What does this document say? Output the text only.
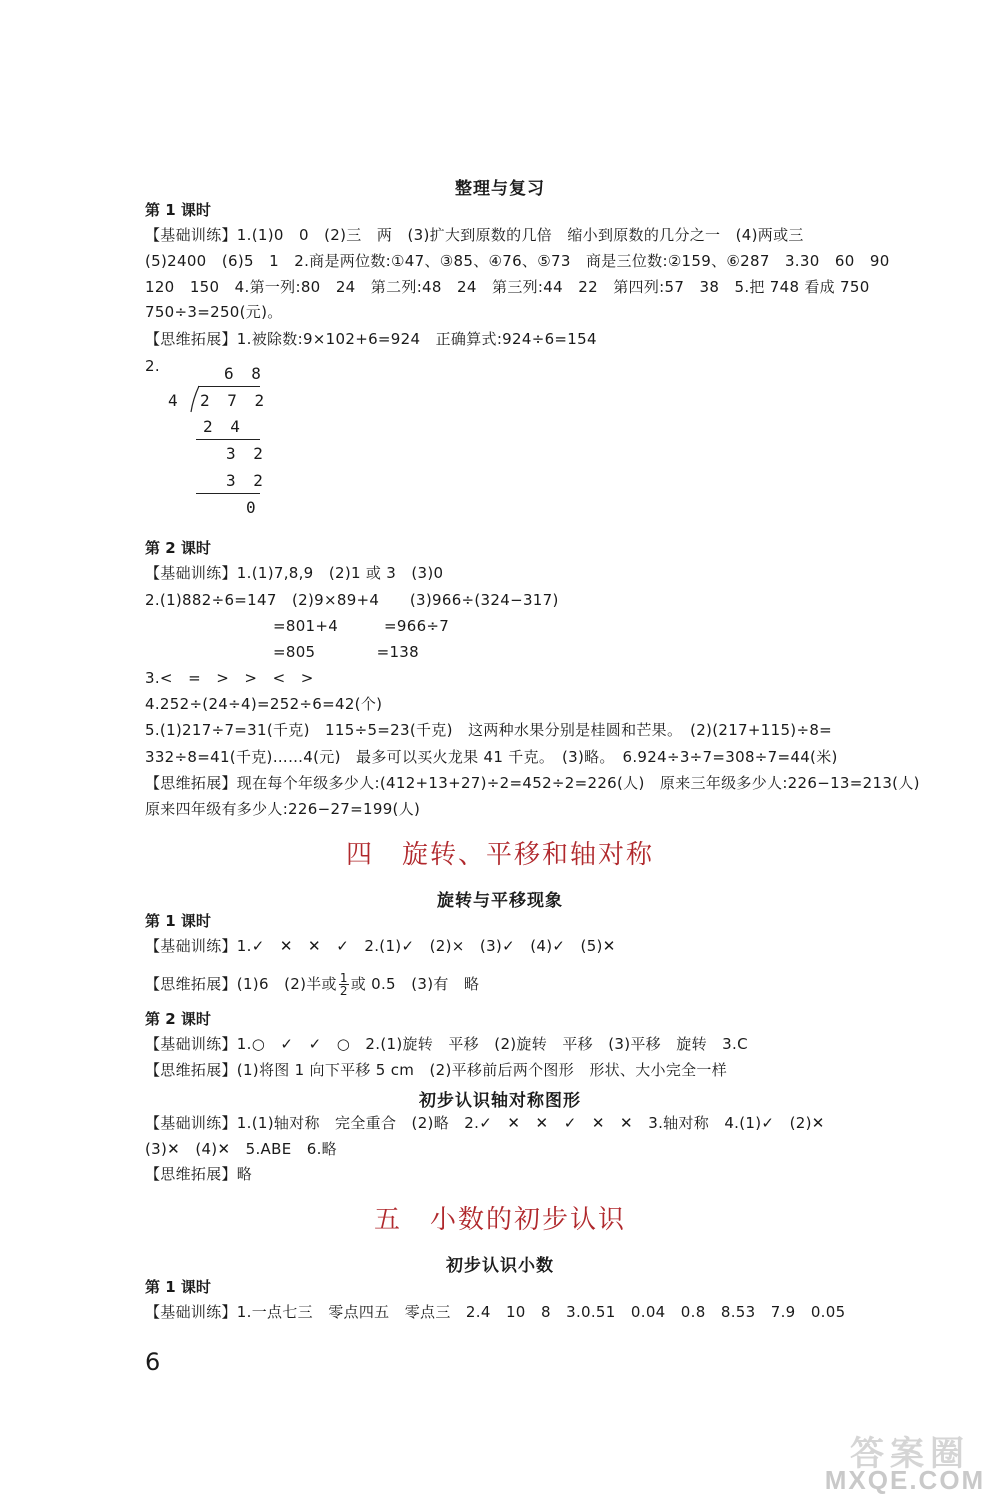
整理与复习
第 1 课时
【基础训练】1.(1)0　0　(2)三　两　(3)扩大到原数的几倍　缩小到原数的几分之一　(4)两或三
(5)2400　(6)5　1　2.商是两位数:①47、③85、④76、⑤73　商是三位数:②159、⑥287　3.30　60　90
120　150　4.第一列:80　24　第二列:48　24　第三列:44　22　第四列:57　38　5.把 748 看成 750
750÷3=250(元)。
【思维拓展】1.被除数:9×102+6=924　正确算式:924÷6=154
2.	6 8
4 2 7 2
2 4
3 2
3 2
0
第 2 课时
【基础训练】1.(1)7,8,9　(2)1 或 3　(3)0
2.(1)882÷6=147　(2)9×89+4　　(3)966÷(324−317)
=801+4　　　=966÷7
=805　　　　=138
3.<　=　>　>　<　>
4.252÷(24÷4)=252÷6=42(个)
5.(1)217÷7=31(千克)　115÷5=23(千克)　这两种水果分别是桂圆和芒果。　(2)(217+115)÷8=
332÷8=41(千克)……4(元)　最多可以买火龙果 41 千克。　(3)略。　6.924÷3÷7=308÷7=44(米)
【思维拓展】现在每个年级多少人:(412+13+27)÷2=452÷2=226(人)　原来三年级多少人:226−13=213(人)
原来四年级有多少人:226−27=199(人)
四　旋转、平移和轴对称
旋转与平移现象
第 1 课时
【基础训练】1.✓　✕　✕　✓　2.(1)✓　(2)×　(3)✓　(4)✓　(5)✕
【思维拓展】(1)6　(2)半或 $\frac{1}{2}$ 或 0.5　(3)有　略
第 2 课时
【基础训练】1.○　✓　✓　○　2.(1)旋转　平移　(2)旋转　平移　(3)平移　旋转　3.C
【思维拓展】(1)将图 1 向下平移 5 cm　(2)平移前后两个图形　形状、大小完全一样
初步认识轴对称图形
【基础训练】1.(1)轴对称　完全重合　(2)略　2.✓　✕　✕　✓　✕　✕　3.轴对称　4.(1)✓　(2)✕
(3)✕　(4)✕　5.ABE　6.略
【思维拓展】略
五　小数的初步认识
初步认识小数
第 1 课时
【基础训练】1.一点七三　零点四五　零点三　2.4　10　8　3.0.51　0.04　0.8　8.53　7.9　0.05
6
答案圈
MXQE.COM
